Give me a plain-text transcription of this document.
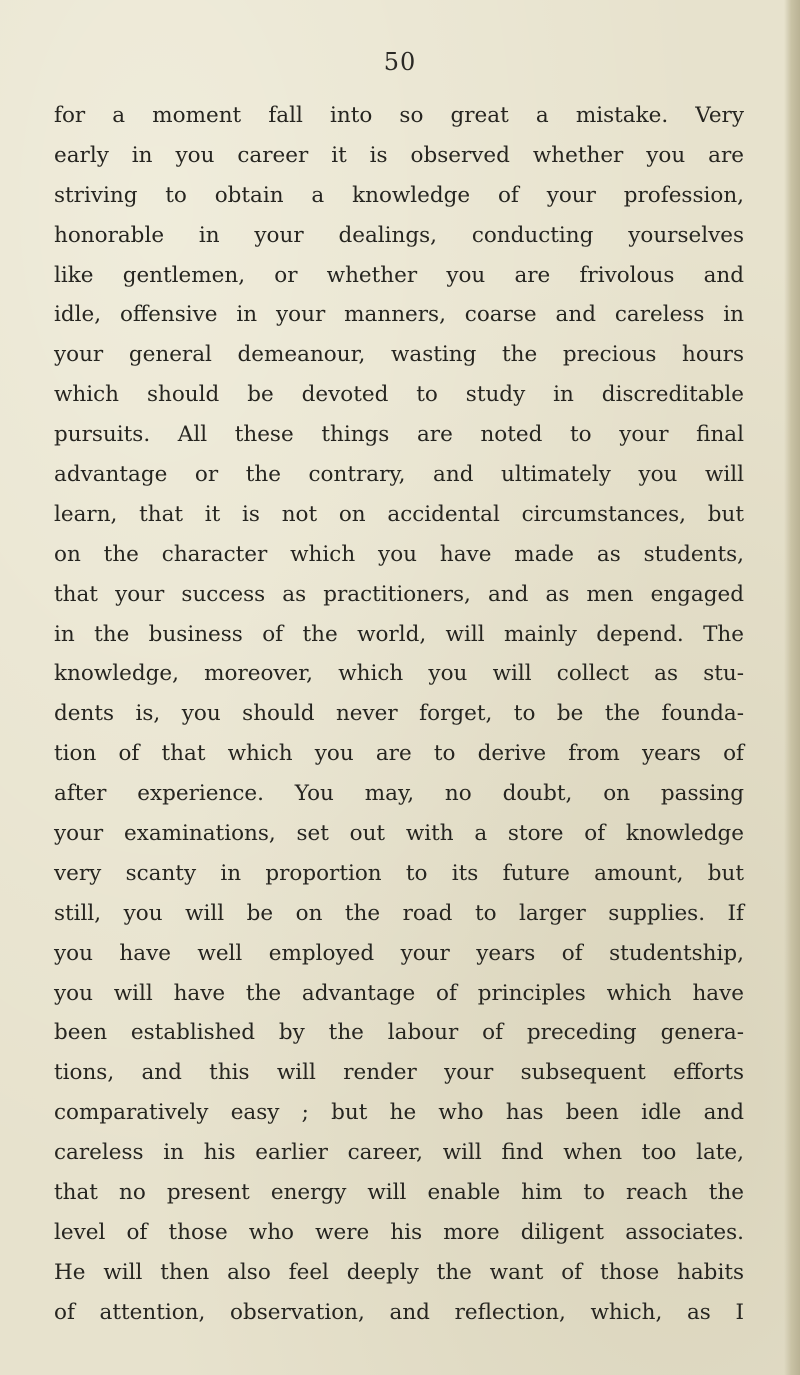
50
for a moment fall into so great a mistake. Very
early in you career it is observed whether you are
striving to obtain a knowledge of your profession,
honorable in your dealings, conducting yourselves
like gentlemen, or whether you are frivolous and
idle, offensive in your manners, coarse and careless in
your general demeanour, wasting the precious hours
which should be devoted to study in discreditable
pursuits. All these things are noted to your final
advantage or the contrary, and ultimately you will
learn, that it is not on accidental circumstances, but
on the character which you have made as students,
that your success as practitioners, and as men engaged
in the business of the world, will mainly depend. The
knowledge, moreover, which you will collect as stu-
dents is, you should never forget, to be the founda-
tion of that which you are to derive from years of
after experience. You may, no doubt, on passing
your examinations, set out with a store of knowledge
very scanty in proportion to its future amount, but
still, you will be on the road to larger supplies. If
you have well employed your years of studentship,
you will have the advantage of principles which have
been established by the labour of preceding genera-
tions, and this will render your subsequent efforts
comparatively easy ; but he who has been idle and
careless in his earlier career, will find when too late,
that no present energy will enable him to reach the
level of those who were his more diligent associates.
He will then also feel deeply the want of those habits
of attention, observation, and reflection, which, as I
